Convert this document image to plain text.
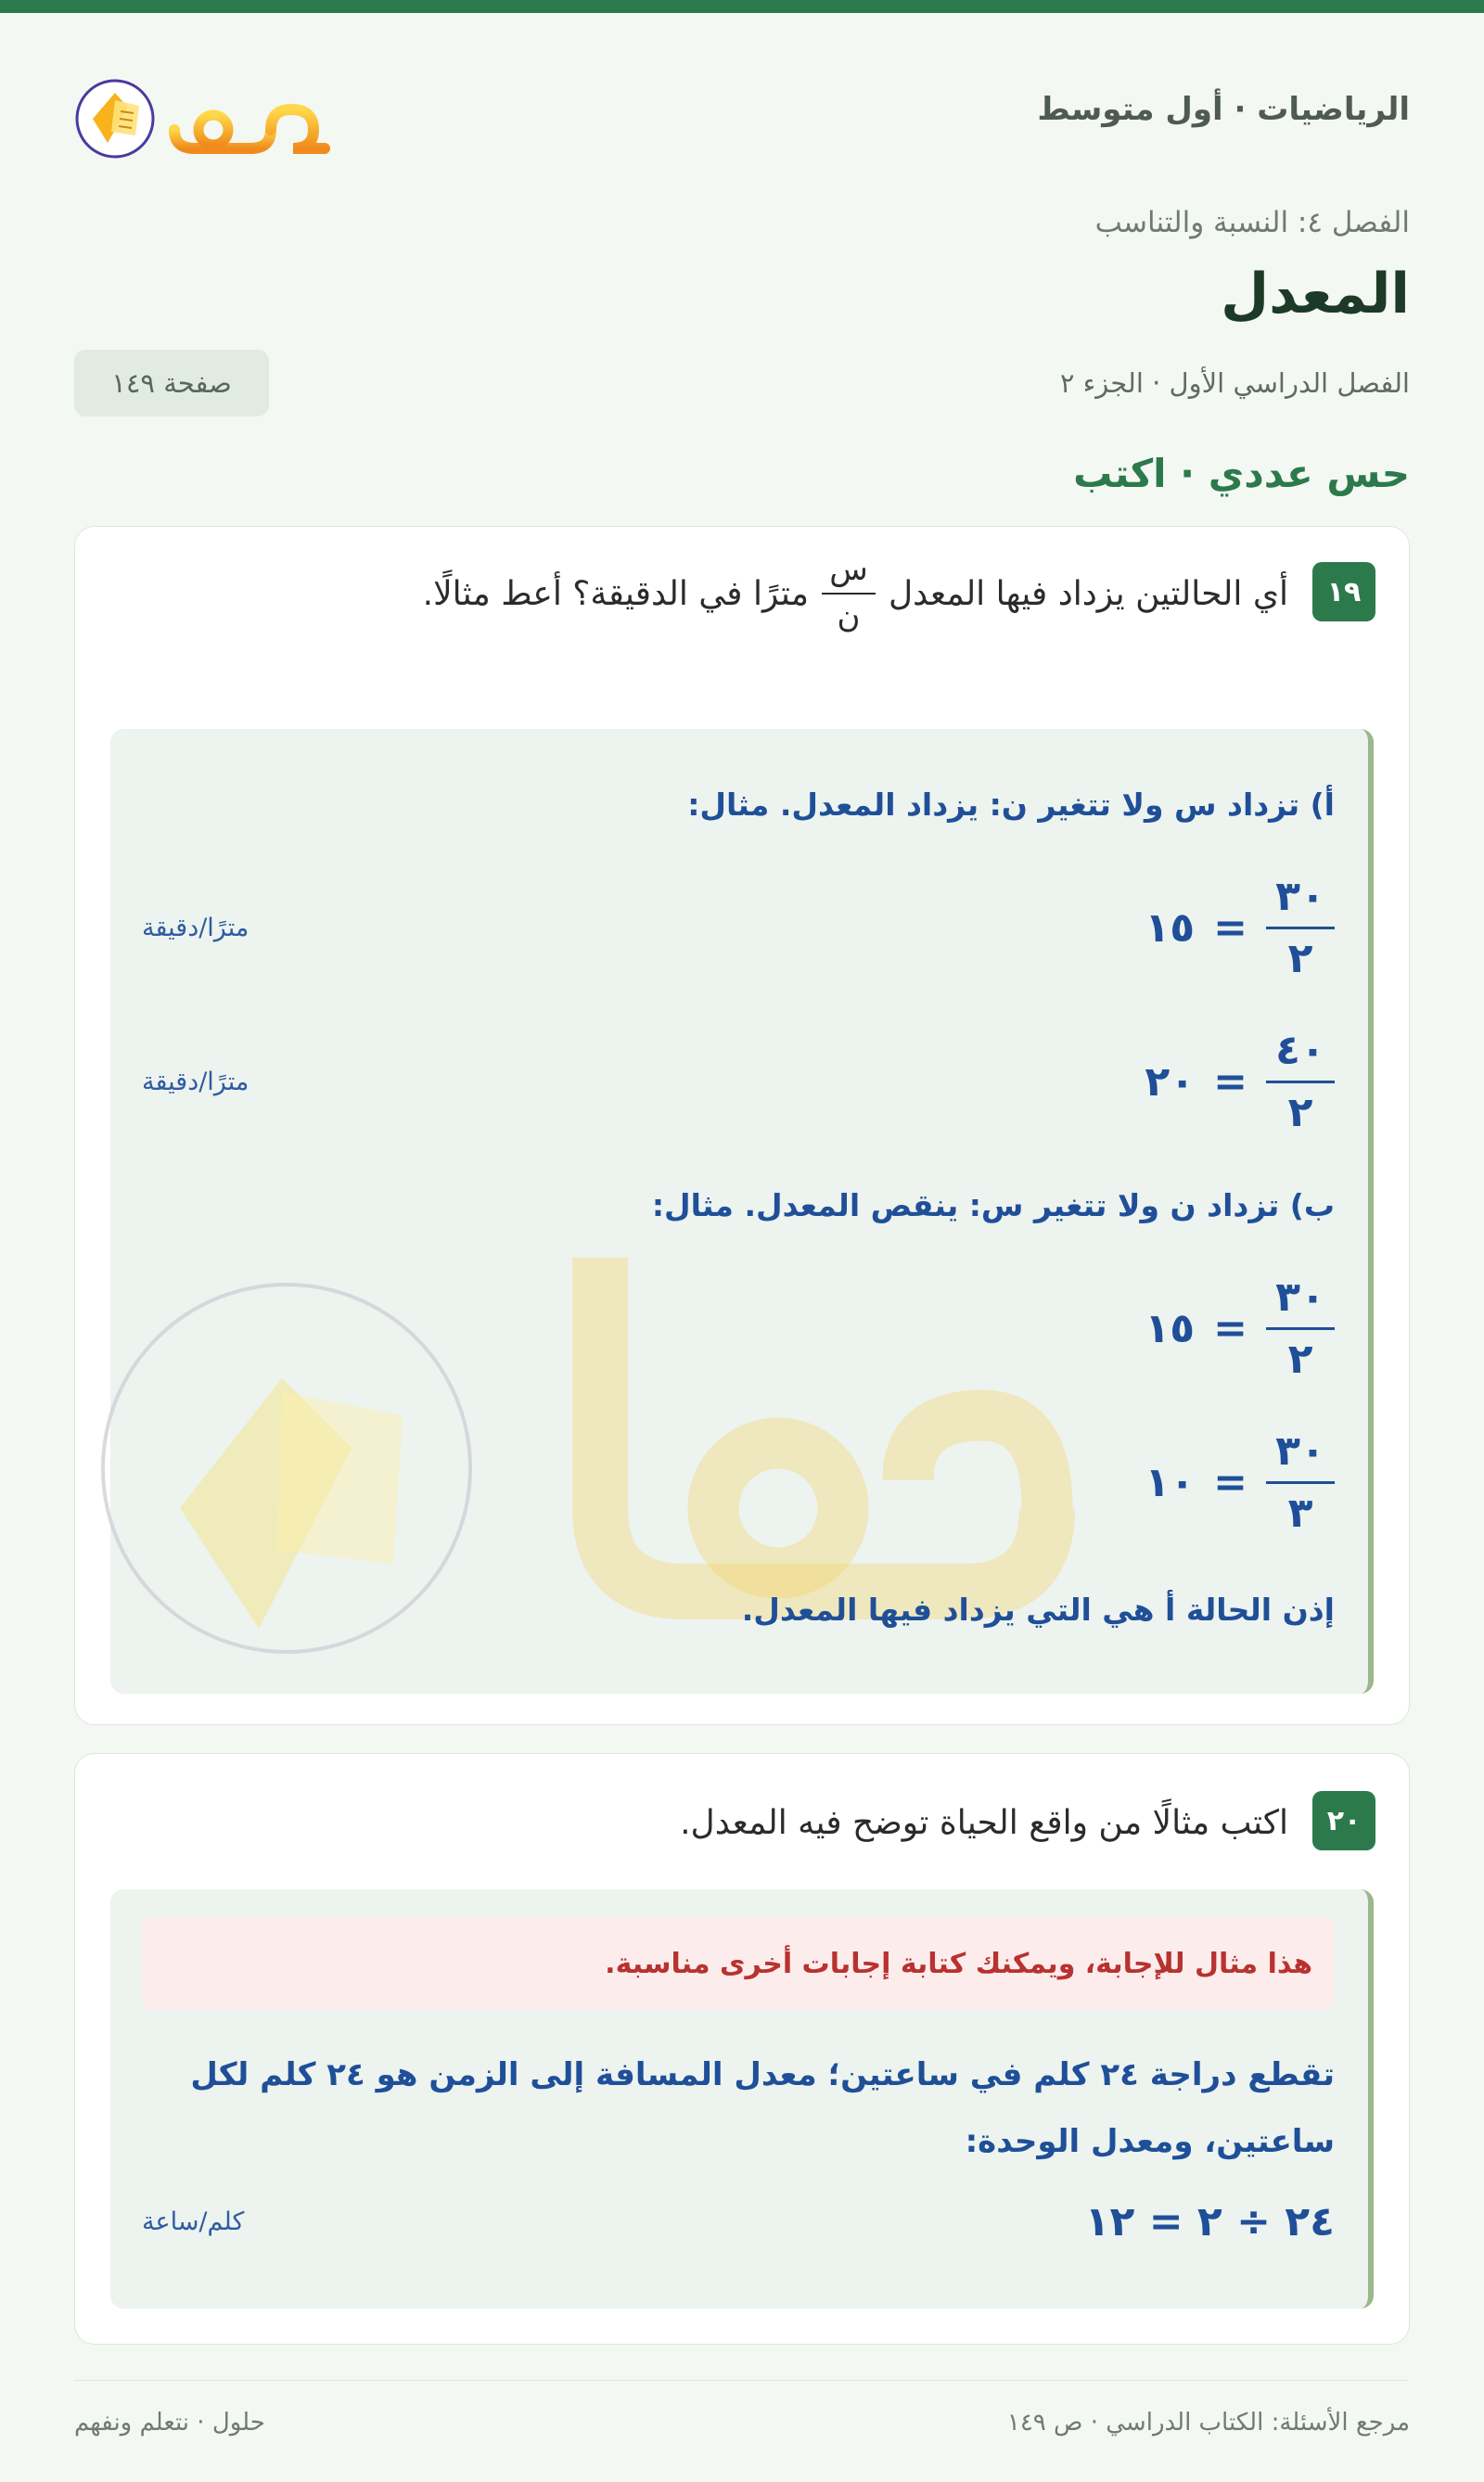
الرياضيات · أول متوسط
حلول
الفصل ٤: النسبة والتناسب
المعدل
الفصل الدراسي الأول · الجزء ٢
صفحة ١٤٩
حس عددي · اكتب
١٩
أي الحالتين يزداد فيها المعدل
$\frac{\text{س}}{\text{ن}}$
مترًا في الدقيقة؟ أعط مثالًا.
أ) تزداد س ولا تتغير ن: يزداد المعدل. مثال:
$\frac{٣٠}{٢}$
=
١٥
مترًا/دقيقة
$\frac{٤٠}{٢}$
=
٢٠
مترًا/دقيقة
ب) تزداد ن ولا تتغير س: ينقص المعدل. مثال:
$\frac{٣٠}{٢}$
=
١٥
$\frac{٣٠}{٣}$
=
١٠
إذن الحالة أ هي التي يزداد فيها المعدل.
٢٠
اكتب مثالًا من واقع الحياة توضح فيه المعدل.
هذا مثال للإجابة، ويمكنك كتابة إجابات أخرى مناسبة.
تقطع دراجة ٢٤ كلم في ساعتين؛ معدل المسافة إلى الزمن هو ٢٤ كلم لكل ساعتين، ومعدل الوحدة:
٢٤ ÷ ٢ = ١٢
كلم/ساعة
مرجع الأسئلة: الكتاب الدراسي · ص ١٤٩
حلول · نتعلم ونفهم
